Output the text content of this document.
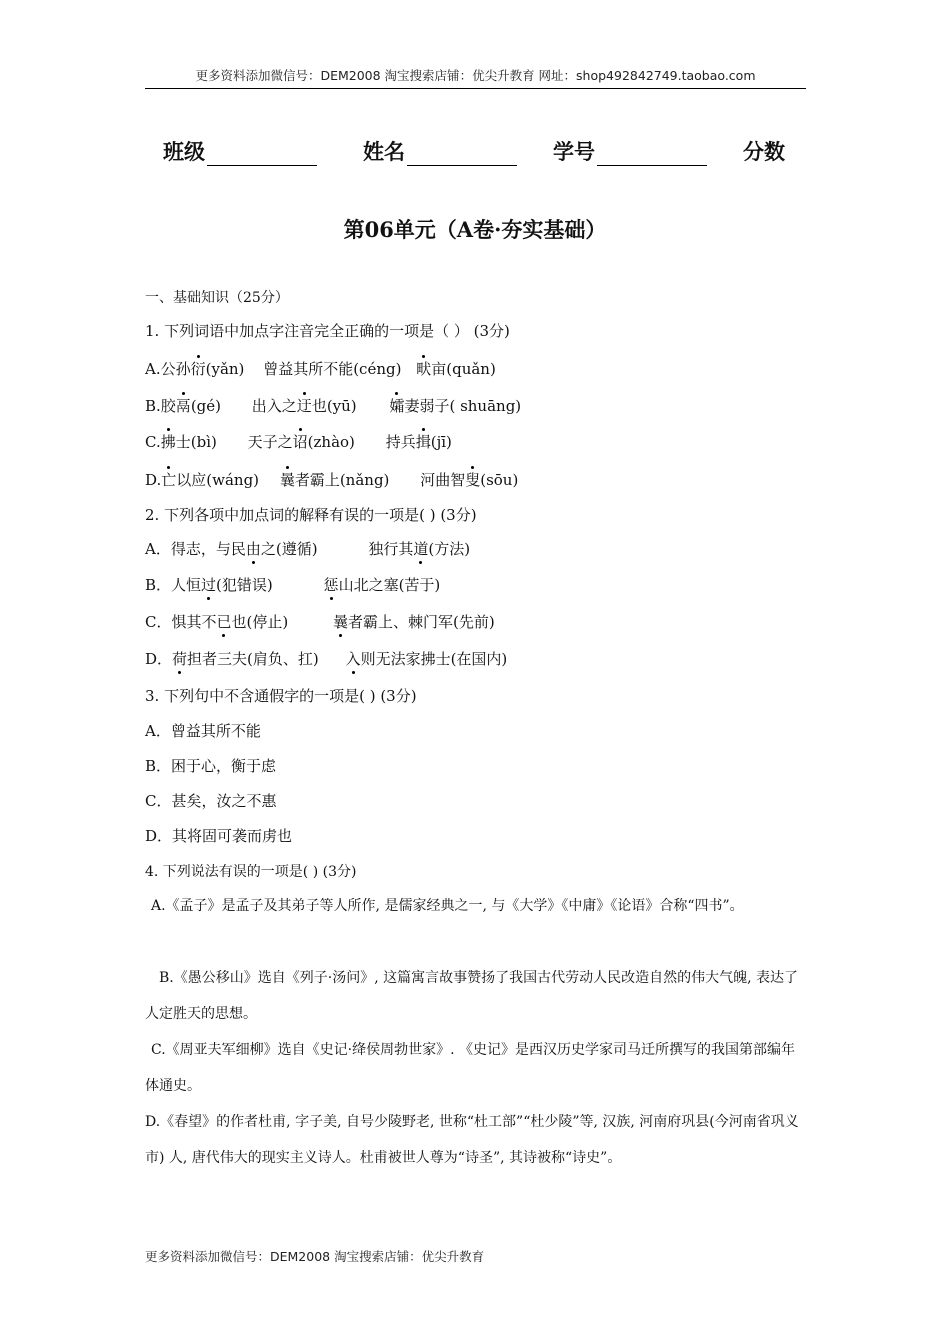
更多资料添加微信号：DEM2008 淘宝搜索店铺：优尖升教育 网址：shop492842749.taobao.com
班级	姓名	学号	分数
第06单元（A卷·夯实基础）
一、基础知识（25分）
1. 下列词语中加点字注音完全正确的一项是（ ） (3分)
A.公孙衍(yǎn) 曾益其所不能(céng) 畎亩(quǎn)
B.胶鬲(gé) 出入之迂也(yū) 孀妻弱子( shuāng)
C.拂士(bì) 天子之诏(zhào) 持兵揖(jī)
D.亡以应(wáng) 曩者霸上(nǎng) 河曲智叟(sōu)
2. 下列各项中加点词的解释有误的一项是( ) (3分)
A．得志，与民由之(遵循)	独行其道(方法)
B．人恒过(犯错误)	惩山北之塞(苦于)
C．惧其不已也(停止)	曩者霸上、棘门军(先前)
D．荷担者三夫(肩负、扛) 入则无法家拂士(在国内)
3. 下列句中不含通假字的一项是( ) (3分)
A．曾益其所不能
B．困于心，衡于虑
C．甚矣，汝之不惠
D．其将固可袭而虏也
4. 下列说法有误的一项是( ) (3分)
A.《孟子》是孟子及其弟子等人所作, 是儒家经典之一, 与《大学》《中庸》《论语》合称“四书”。
B.《愚公移山》选自《列子·汤问》, 这篇寓言故事赞扬了我国古代劳动人民改造自然的伟大气魄, 表达了人定胜天的思想。
C.《周亚夫军细柳》选自《史记·绛侯周勃世家》. 《史记》是西汉历史学家司马迁所撰写的我国第部编年体通史。
D.《春望》的作者杜甫, 字子美, 自号少陵野老, 世称“杜工部”“杜少陵”等, 汉族, 河南府巩县(今河南省巩义市) 人, 唐代伟大的现实主义诗人。杜甫被世人尊为“诗圣”, 其诗被称“诗史”。
更多资料添加微信号：DEM2008 淘宝搜索店铺：优尖升教育
